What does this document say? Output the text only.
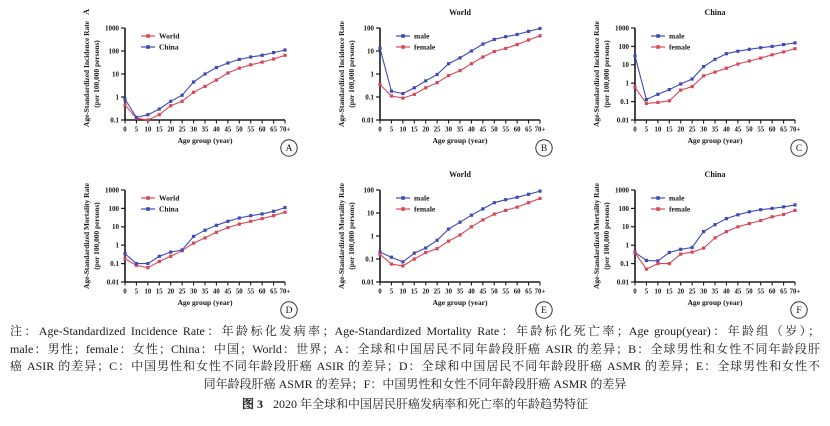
0.1
1
10
100
1000
0 5 10 15 20 25 30 35 40 45 50 55 60 65 70+
Age group (year)
Age-Standardized Incidence Rate (per 100,000 persons)
A
World
China
A
0.01
0.1
1
10
100
0 5 10 15 20 25 30 35 40 45 50 55 60 65 70+
Age group (year)
World
Age-Standardized Incidence Rate (per 100,000 persons)
male
female
B
0.01
0.1
1
10
100
1000
0 5 10 15 20 25 30 35 40 45 50 55 60 65 70+
Age group (year)
China
Age-Standardized Incidence Rate (per 100,000 persons)
male
female
C
0.01
0.1
1
10
100
1000
0 5 10 15 20 25 30 35 40 45 50 55 60 65 70+
Age group (year)
Age-Standardized Mortality Rate (per 100,000 persons)
World
China
D
0.01
0.1
1
10
100
0 5 10 15 20 25 30 35 40 45 50 55 60 65 70+
Age group (year)
World
Age-Standardized Mortality Rate (per 100,000 persons)
male
female
E
0.01
0.1
1
10
100
1000
0 5 10 15 20 25 30 35 40 45 50 55 60 65 70+
Age group (year)
China
Age-Standardized Mortality Rate (per 100,000 persons)
male
female
F
注：Age-Standardized Incidence Rate：年龄标化发病率；Age-Standardized Mortality Rate：年龄标化死亡率；Age group(year)：年龄组（岁）；
male：男性；female：女性；China：中国；World：世界；A：全球和中国居民不同年龄段肝癌 ASIR 的差异；B：全球男性和女性不同年龄段肝
癌 ASIR 的差异；C：中国男性和女性不同年龄段肝癌 ASIR 的差异；D：全球和中国居民不同年龄段肝癌 ASMR 的差异；E：全球男性和女性不
同年龄段肝癌 ASMR 的差异；F：中国男性和女性不同年龄段肝癌 ASMR 的差异
图 3 2020 年全球和中国居民肝癌发病率和死亡率的年龄趋势特征
